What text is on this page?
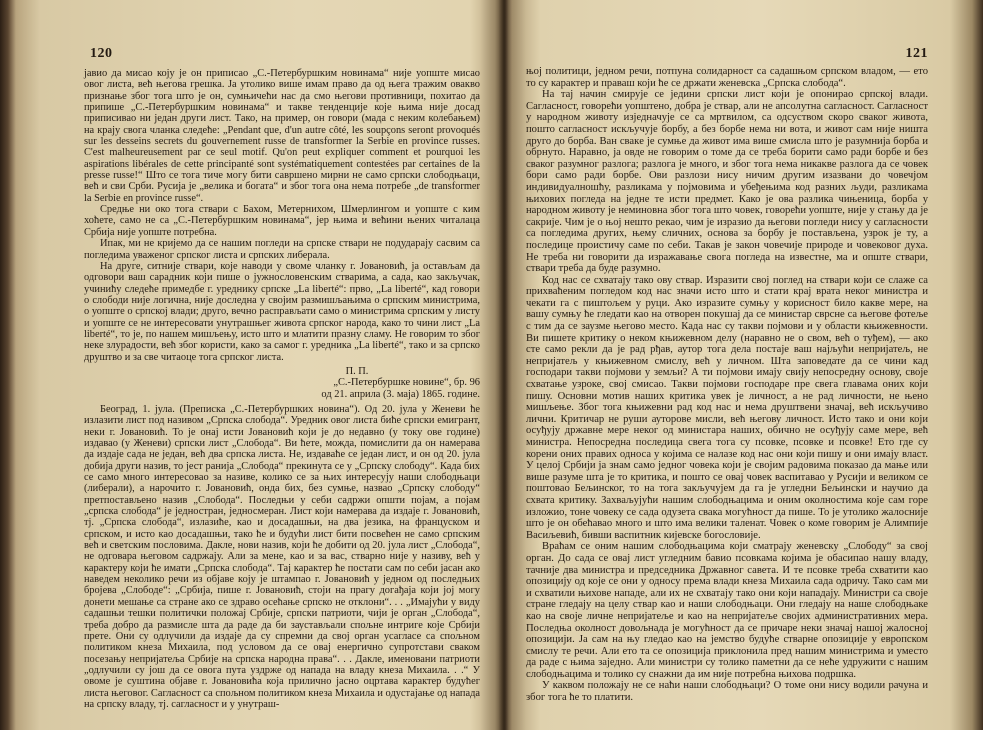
120

јавио да мисао коју је он приписао „С.-Петербуршким новинама“ није уопште мисао овог листа, већ његова грешка. Ја утолико више имам право да од њега тражим овакво признање због тога што је он, сумњичећи нас да смо његови противници, похитао да припише „С.-Петербуршким новинама“ и такве тенденције које њима није досад приписивао ни један други лист. Тако, на пример, он говори (мада с неким колебањем) на крају свога чланка следеће: „Pendant que, d'un autre côté, les soupçons seront provoqués sur les desseins secrets du gouvernement russe de transformer la Serbie en province russes. C'est malheureusement par ce seul motif. Qu'on peut expliquer comment et pourquoi les aspirations libérales de cette principanté sont systématiquement contestées par certaines de la presse russe!“ Што се тога тиче могу бити савршено мирни не само српски слободњаци, већ и сви Срби. Русија је „велика и богата“ и због тога она нема потребе „de transformer la Serbie en province russe“.

Средње ни око тога ствари с Бахом, Метернихом, Шмерлингом и уопште с ким хоћете, само не са „С.-Петербуршким новинама“, јер њима и већини њених читалаца Србија није уопште потребна.

Ипак, ми не кријемо да се нашим погледи на српске ствари не подударају сасвим са погледима уваженог српског листа и српских либерала.

На друге, ситније ствари, које наводи у своме чланку г. Јовановић, ја остављам да одговори ваш сарадник који пише о јужнословенским стварима, а сада, као закључак, учинићу следеће примедбе г. уреднику српске „La liberté“: прво, „La liberté“, кад говори о слободи није логична, није доследна у својим размишљањима о српским министрима, о уопште о српској влади; друго, вечно расправљати само о министрима српским у листу и уопште се не интересовати унутрашњег живота српског народа, како то чини лист „La liberté“, то је, по нашем мишљењу, исто што и млатити празну сламу. Не говорим то због неке злурадости, већ због користи, како за самог г. уредника „La liberté“, тако и за српско друштво и за све читаоце тога српског листа.

П. П.
„С.-Петербуршке новине“, бр. 96
од 21. априла (3. маја) 1865. године.

Београд, 1. јула. (Преписка „С.-Петербуршких новина“). Од 20. јула у Женеви ће излазити лист под називом „Српска слобода“. Уредник овог листа биће српски емигрант, неки г. Јовановић. То је онај исти Јовановић који је до недавно (у току ове године) издавао (у Женеви) српски лист „Слобода“. Ви ћете, можда, помислити да он намерава да издаје сада не један, већ два српска листа. Не, издаваће се један лист, и он од 20. јула добија други назив, то јест ранија „Слобода“ прекинута се у „Српску слободу“. Када бих се само много интересовао за називе, колико се за њих интересују наши слободњаци (либерали), а нарочито г. Јовановић, онда бих, без сумње, назвао „Српску слободу“ претпостављено назив „Слобода“. Последњи у себи садржи општи појам, а појам „српска слобода“ је једностран, једносмеран. Лист који намерава да издаје г. Јовановић, тј. „Српска слобода“, излазиће, као и досадашњи, на два језика, на француском и српском, и исто као досадашњи, тако ће и будући лист бити посвећен не само српским већ и светским пословима. Дакле, нови назив, који ће добити од 20. јула лист „Слобода“, не одговара његовом садржају. Али за мене, као и за вас, стварно није у називу, већ у карактеру који ће имати „Српска слобода“. Тај карактер ће постати сам по себи јасан ако наведем неколико речи из објаве коју је штампао г. Јовановић у једном од последњих бројева „Слободе“: „Србија, пише г. Јовановић, стоји на прагу догађаја који јој могу донети мешање са стране ако се здраво осећање српско не отклони“. . . „Имајући у виду садашњи тешки политички положај Србије, српски патриоти, чији је орган „Слобода“, треба добро да размисле шта да раде да би заустављали спољне интриге које Србији прете. Они су одлучили да издаје да су спремни да свој орган усагласе са спољном политиком кнеза Михаила, под условом да се овај енергично супротстави сваком посезању непријатеља Србије на српска народна права“. . . Дакле, именовани патриоти „одлучили су још да се овога пута уздрже од напада на владу кнеза Михаила. . .“ У овоме је суштина објаве г. Јовановића која прилично јасно оцртава карактер будућег листа његовог. Сагласност са спољном политиком кнеза Михаила и одустајање од напада на српску владу, тј. сагласност и у унутраш-

121

њој политици, једном речи, потпуна солидарност са садашњом српском владом, — ето то су карактер и праваш који ће се држати женевска „Српска слобода“.

На тај начин смирује се једини српски лист који је опонирао српској влади. Сагласност, говорећи уопштено, добра је ствар, али не апсолутна сагласност. Сагласност у народном животу изједначује се са мртвилом, са одсуством скоро сваког живота, пошто сагласност искључује борбу, а без борбе нема ни вота, и живот сам није ништа друго до борба. Ван свакe је сумње да живот има више смисла што је разумнија борба и обрнуто. Наравно, ја овде не говорим о томе да се треба борити само ради борбе и без сваког разумног разлога; разлога је много, и због тога нема никакве разлога да се човек бори само ради борбе. Ови разлози нису ничим другим изазвани до човечјом индивидуалношћу, разликама у појмовима и убеђењима код разних људи, разликама њихових погледа на једне те исти предмет. Како је ова разлика чињеница, борба у народном животу је неминовна због тога што човек, говорећи уопште, није у стању да је сакрије. Чим је о њој нешто рекао, чим је изразио да његови погледи нису у сагласности са погледима других, њему сличних, основа за борбу је постављена, узрок је ту, а последице проистичу саме по себи. Такав је закон човечије природе и човековог духа. Не треба ни говорити да изражавање свога погледа на известне, ма и општe ствари, ствари треба да буде разумно.

Код нас се схватају тако ову ствар. Изразити свој поглед на ствари који се слаже са прихваћеним погледом код нас значи исто што и стати крај врата неког министра и чекати га с пиштољем у руци. Ако изразите сумњу у корисност било какве мере, на вашу сумњу ће гледати као на отворен покушај да се министар сврсне са његове фотеље с тим да се заузме његово место. Када нас су такви појмови и у области књижевности. Ви пишете критику о неком књижевном делу (наравно не о свом, већ о туђем), — ако сте само рекли да је рад рђав, аутор тога дела постаје ваш најљући непријатељ, не непријатељ у књижевном смислу, већ у личном. Шта заповедате да се чини кад господари такви појмови у земљи? А ти појмови имају свију непосредну основу, своје схватање узроке, свој смисао. Такви појмови господаре пре свега главама оних који пишу. Основни мотив наших критика увек је личност, а не рад личности, не њено мишљење. Због тога књижевни рад код нас и нема друштвени значај, већ искључиво лични. Критичар не руши ауторове мисли, већ његову личност. Исто тако и они који осуђују државне мере неког од министара наших, обично не осуђују саме мере, већ министра. Непосредна последица свега тога су псовке, псовке и псовке! Ето где су корени оних правих односа у којима се налазе код нас они који пишу и они имају власт. У целој Србији ја знам само једног човека који је својим радовима показао да мање или више разуме шта је то критика, и пошто се овај човек васпитавао у Русији и великом се поштовао Бељинског, то на тога закључујем да га је угледни Бељински и научио да схвата критику. Захваљујући нашим слободњацима и оним околностима које сам горе изложио, тоне човеку се сада одузета свака могућност да пише. То је утолико жалосније што је он обећавао много и што има велики таленат. Човек о коме говорим је Алимпије Васиљевић, бивши васпитник кијевске богословије.

Враћам се оним нашим слободњацима који сматрају женевску „Слободу“ за свој орган. До сада се овај лист угледним бавио псовкама којима је обасипао нашу владу, тачније два министра и председника Државног савета. И те псовке треба схватити као опозицију од које се они у односу према влади кнеза Михаила сада одричу. Тако сам ми и схватили њихове нападе, али их не схватају тако они који нападају. Министри са своје стране гледају на целу ствар као и наши слободњаци. Они гледају на наше слободњаке као на своје личне непријатеље и као на непријатеље својих административних мера. Последња околност довољнада је могућност да се причаре неки значај нашој жалосној опозицији. Ја сам на њу гледао као на јемство будуће стварне опозиције у европском смислу те речи. Али ето та се опозиција приклонила пред нашим министрима и уместо да раде с њима заједно. Али министри су толико паметни да се неће удружити с нашим слободњацима и толико су снажни да им није потребна њихова подршка.

У каквом положају не се наћи наши слободњаци? О томе они нису водили рачуна и због тога ће то платити.
